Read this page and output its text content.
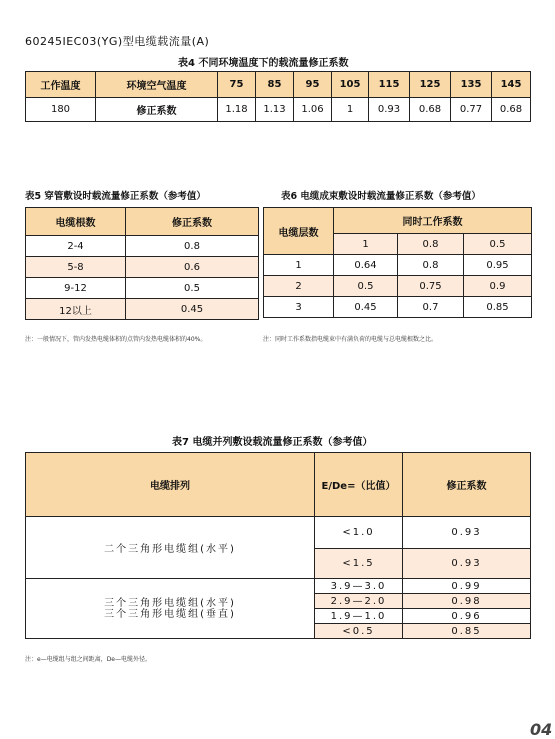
60245IEC03(YG)型电缆载流量(A)
表4 不同环境温度下的载流量修正系数
工作温度	环境空气温度	75	85	95	105	115	125	135	145
180	修正系数	1.18	1.13	1.06	1	0.93	0.68	0.77	0.68
表5 穿管敷设时载流量修正系数（参考值）
电缆根数	修正系数
2-4	0.8
5-8	0.6
9-12	0.5
12以上	0.45
注：一般情况下，管内发热电缆体积的点管内发热电缆体积的40%。
表6 电缆成束敷设时载流量修正系数（参考值）
电缆层数	同时工作系数		
	1	0.8	0.5
1	0.64	0.8	0.95
2	0.5	0.75	0.9
3	0.45	0.7	0.85
注：同时工作系数指电缆束中有满负荷的电缆与总电缆根数之比。
表7 电缆并列敷设载流量修正系数（参考值）
电缆排列	E/De=（比值）	修正系数
二个三角形电缆组(水平)	<1.0	0.93
	<1.5	0.93
三个三角形电缆组(水平)
三个三角形电缆组(垂直)	3.9—3.0	0.99
	2.9—2.0	0.98
	1.9—1.0	0.96
	<0.5	0.85
注：e—电缆组与组之间距离，De—电缆外径。
04
